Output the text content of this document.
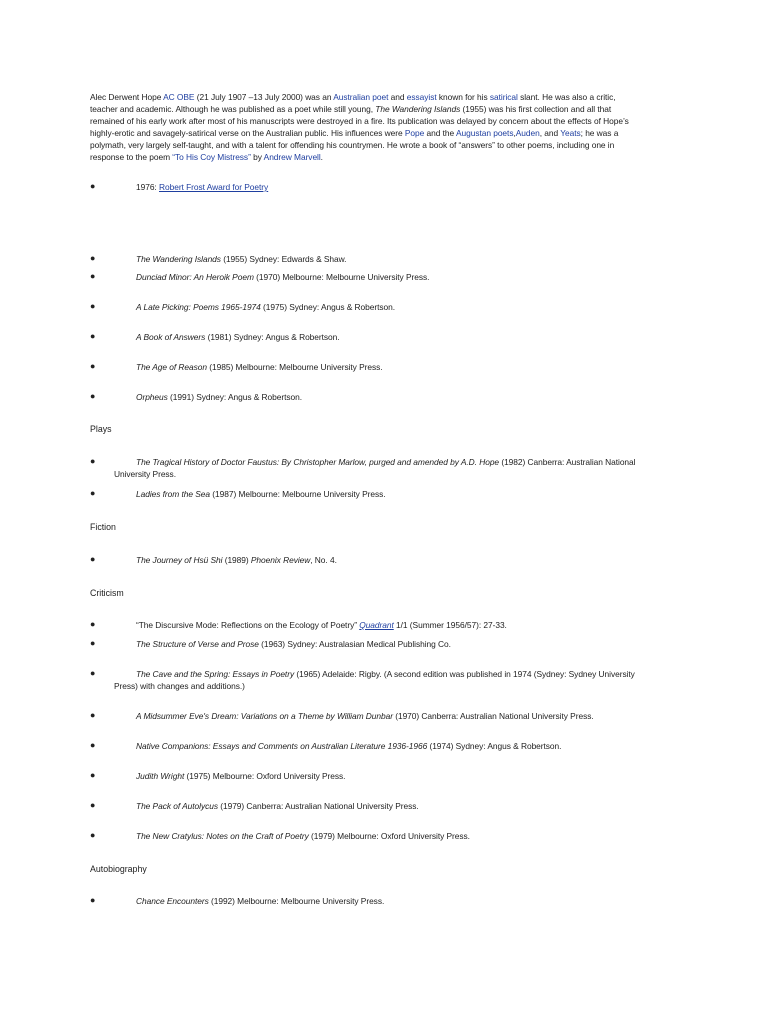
Alec Derwent Hope AC OBE (21 July 1907 –13 July 2000) was an Australian poet and essayist known for his satirical slant. He was also a critic,
teacher and academic. Although he was published as a poet while still young, The Wandering Islands (1955) was his first collection and all that
remained of his early work after most of his manuscripts were destroyed in a fire. Its publication was delayed by concern about the effects of Hope’s
highly-erotic and savagely-satirical verse on the Australian public. His influences were Pope and the Augustan poets,Auden, and Yeats; he was a
polymath, very largely self-taught, and with a talent for offending his countrymen. He wrote a book of “answers” to other poems, including one in
response to the poem “To His Coy Mistress” by Andrew Marvell.
●	1976: Robert Frost Award for Poetry
●	The Wandering Islands (1955) Sydney: Edwards & Shaw.
●	Dunciad Minor: An Heroik Poem (1970) Melbourne: Melbourne University Press.
●	A Late Picking: Poems 1965-1974 (1975) Sydney: Angus & Robertson.
●	A Book of Answers (1981) Sydney: Angus & Robertson.
●	The Age of Reason (1985) Melbourne: Melbourne University Press.
●	Orpheus (1991) Sydney: Angus & Robertson.
Plays
●	The Tragical History of Doctor Faustus: By Christopher Marlow, purged and amended by A.D. Hope (1982) Canberra: Australian National
University Press.
●	Ladies from the Sea (1987) Melbourne: Melbourne University Press.
Fiction
●	The Journey of Hsü Shi (1989) Phoenix Review, No. 4.
Criticism
●	“The Discursive Mode: Reflections on the Ecology of Poetry” Quadrant 1/1 (Summer 1956/57): 27-33.
●	The Structure of Verse and Prose (1963) Sydney: Australasian Medical Publishing Co.
●	The Cave and the Spring: Essays in Poetry (1965) Adelaide: Rigby. (A second edition was published in 1974 (Sydney: Sydney University
Press) with changes and additions.)
●	A Midsummer Eve's Dream: Variations on a Theme by William Dunbar (1970) Canberra: Australian National University Press.
●	Native Companions: Essays and Comments on Australian Literature 1936-1966 (1974) Sydney: Angus & Robertson.
●	Judith Wright (1975) Melbourne: Oxford University Press.
●	The Pack of Autolycus (1979) Canberra: Australian National University Press.
●	The New Cratylus: Notes on the Craft of Poetry (1979) Melbourne: Oxford University Press.
Autobiography
●	Chance Encounters (1992) Melbourne: Melbourne University Press.
